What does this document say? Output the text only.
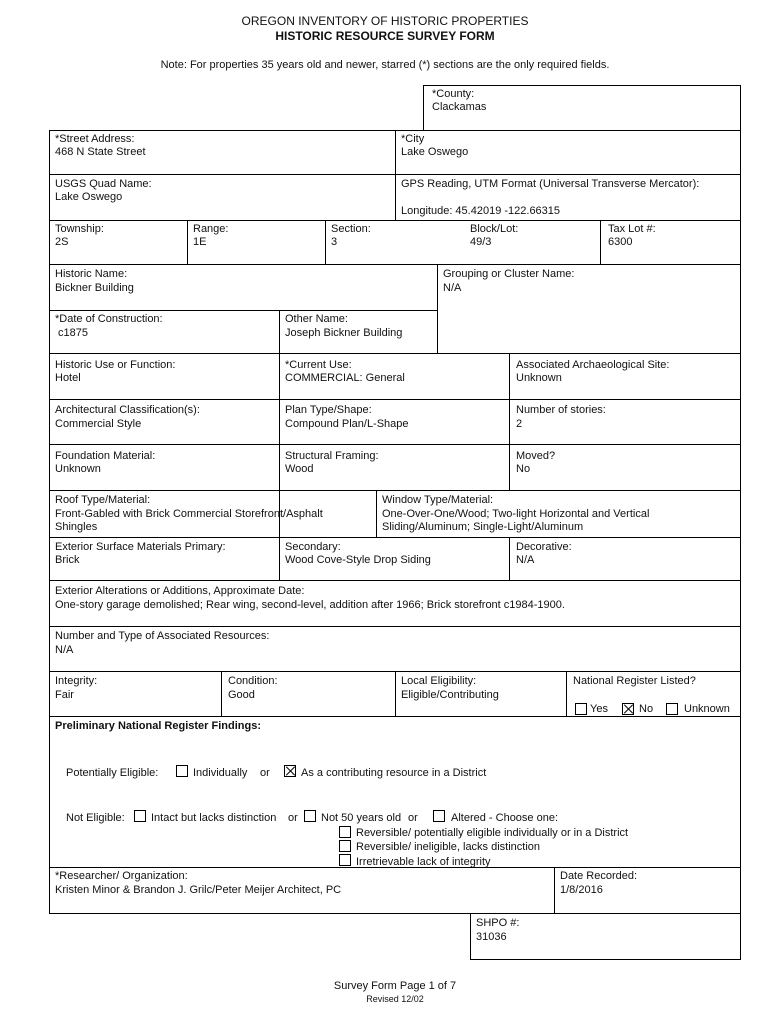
OREGON INVENTORY OF HISTORIC PROPERTIES
HISTORIC RESOURCE SURVEY FORM
Note: For properties 35 years old and newer, starred (*) sections are the only required fields.
*County:
Clackamas
*Street Address:
468 N State Street
*City
Lake Oswego
USGS Quad Name:
Lake Oswego
GPS Reading, UTM Format (Universal Transverse Mercator):
Longitude: 45.42019 -122.66315
Township:
2S
Range:
1E
Section:
3
Block/Lot:
49/3
Tax Lot #:
6300
Historic Name:
Bickner Building
Grouping or Cluster Name:
N/A
*Date of Construction:
c1875
Other Name:
Joseph Bickner Building
Historic Use or Function:
Hotel
*Current Use:
COMMERCIAL: General
Associated Archaeological Site:
Unknown
Architectural Classification(s):
Commercial Style
Plan Type/Shape:
Compound Plan/L-Shape
Number of stories:
2
Foundation Material:
Unknown
Structural Framing:
Wood
Moved?
No
Roof Type/Material:
Front-Gabled with Brick Commercial Storefront/Asphalt
Shingles
Window Type/Material:
One-Over-One/Wood; Two-light Horizontal and Vertical
Sliding/Aluminum; Single-Light/Aluminum
Exterior Surface Materials Primary:
Brick
Secondary:
Wood Cove-Style Drop Siding
Decorative:
N/A
Exterior Alterations or Additions, Approximate Date:
One-story garage demolished; Rear wing, second-level, addition after 1966; Brick storefront c1984-1900.
Number and Type of Associated Resources:
N/A
Integrity:
Fair
Condition:
Good
Local Eligibility:
Eligible/Contributing
National Register Listed?
Yes	No	Unknown
Preliminary National Register Findings:
Potentially Eligible:	Individually or	As a contributing resource in a District
Not Eligible: Intact but lacks distinction or Not 50 years old or	Altered - Choose one:
Reversible/ potentially eligible individually or in a District
Reversible/ ineligible, lacks distinction
Irretrievable lack of integrity
*Researcher/ Organization:
Kristen Minor & Brandon J. Grilc/Peter Meijer Architect, PC
Date Recorded:
1/8/2016
SHPO #:
31036
Survey Form Page 1 of 7
Revised 12/02
